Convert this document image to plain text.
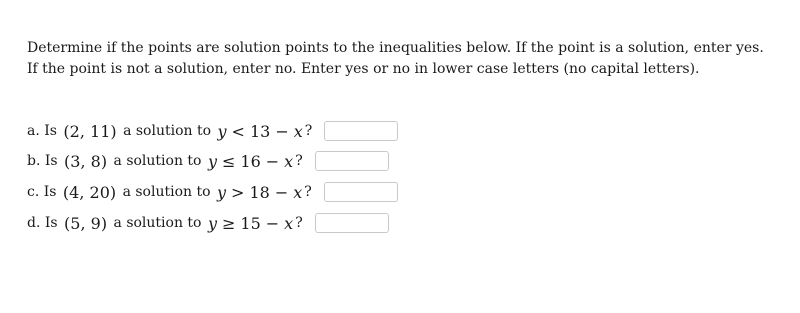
Determine if the points are solution points to the inequalities below. If the point is a solution, enter yes. If the point is not a solution, enter no. Enter yes or no in lower case letters (no capital letters).
a.
Is
(2, 11)
a solution to
y < 13 − x ?
b.
Is
(3, 8)
a solution to
y ≤ 16 − x ?
c.
Is
(4, 20)
a solution to
y > 18 − x ?
d.
Is
(5, 9)
a solution to
y ≥ 15 − x ?
